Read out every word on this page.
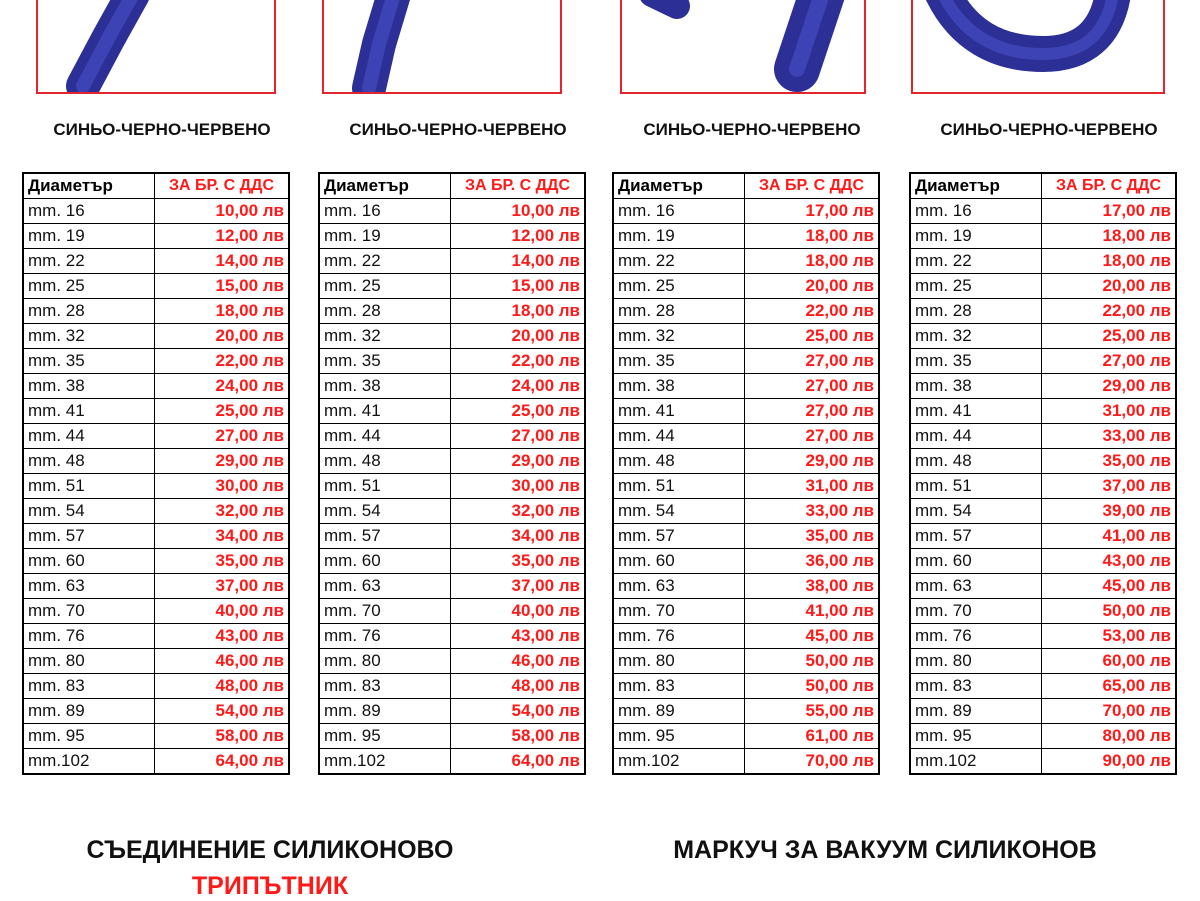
СИНЬО-ЧЕРНО-ЧЕРВЕНО
Диаметър	ЗА БР. С ДДС
mm. 16	10,00 лв
mm. 19	12,00 лв
mm. 22	14,00 лв
mm. 25	15,00 лв
mm. 28	18,00 лв
mm. 32	20,00 лв
mm. 35	22,00 лв
mm. 38	24,00 лв
mm. 41	25,00 лв
mm. 44	27,00 лв
mm. 48	29,00 лв
mm. 51	30,00 лв
mm. 54	32,00 лв
mm. 57	34,00 лв
mm. 60	35,00 лв
mm. 63	37,00 лв
mm. 70	40,00 лв
mm. 76	43,00 лв
mm. 80	46,00 лв
mm. 83	48,00 лв
mm. 89	54,00 лв
mm. 95	58,00 лв
mm.102	64,00 лв
СИНЬО-ЧЕРНО-ЧЕРВЕНО
Диаметър	ЗА БР. С ДДС
mm. 16	10,00 лв
mm. 19	12,00 лв
mm. 22	14,00 лв
mm. 25	15,00 лв
mm. 28	18,00 лв
mm. 32	20,00 лв
mm. 35	22,00 лв
mm. 38	24,00 лв
mm. 41	25,00 лв
mm. 44	27,00 лв
mm. 48	29,00 лв
mm. 51	30,00 лв
mm. 54	32,00 лв
mm. 57	34,00 лв
mm. 60	35,00 лв
mm. 63	37,00 лв
mm. 70	40,00 лв
mm. 76	43,00 лв
mm. 80	46,00 лв
mm. 83	48,00 лв
mm. 89	54,00 лв
mm. 95	58,00 лв
mm.102	64,00 лв
СИНЬО-ЧЕРНО-ЧЕРВЕНО
Диаметър	ЗА БР. С ДДС
mm. 16	17,00 лв
mm. 19	18,00 лв
mm. 22	18,00 лв
mm. 25	20,00 лв
mm. 28	22,00 лв
mm. 32	25,00 лв
mm. 35	27,00 лв
mm. 38	27,00 лв
mm. 41	27,00 лв
mm. 44	27,00 лв
mm. 48	29,00 лв
mm. 51	31,00 лв
mm. 54	33,00 лв
mm. 57	35,00 лв
mm. 60	36,00 лв
mm. 63	38,00 лв
mm. 70	41,00 лв
mm. 76	45,00 лв
mm. 80	50,00 лв
mm. 83	50,00 лв
mm. 89	55,00 лв
mm. 95	61,00 лв
mm.102	70,00 лв
СИНЬО-ЧЕРНО-ЧЕРВЕНО
Диаметър	ЗА БР. С ДДС
mm. 16	17,00 лв
mm. 19	18,00 лв
mm. 22	18,00 лв
mm. 25	20,00 лв
mm. 28	22,00 лв
mm. 32	25,00 лв
mm. 35	27,00 лв
mm. 38	29,00 лв
mm. 41	31,00 лв
mm. 44	33,00 лв
mm. 48	35,00 лв
mm. 51	37,00 лв
mm. 54	39,00 лв
mm. 57	41,00 лв
mm. 60	43,00 лв
mm. 63	45,00 лв
mm. 70	50,00 лв
mm. 76	53,00 лв
mm. 80	60,00 лв
mm. 83	65,00 лв
mm. 89	70,00 лв
mm. 95	80,00 лв
mm.102	90,00 лв
СЪЕДИНЕНИЕ СИЛИКОНОВО
ТРИПЪТНИК
МАРКУЧ ЗА ВАКУУМ СИЛИКОНОВ
